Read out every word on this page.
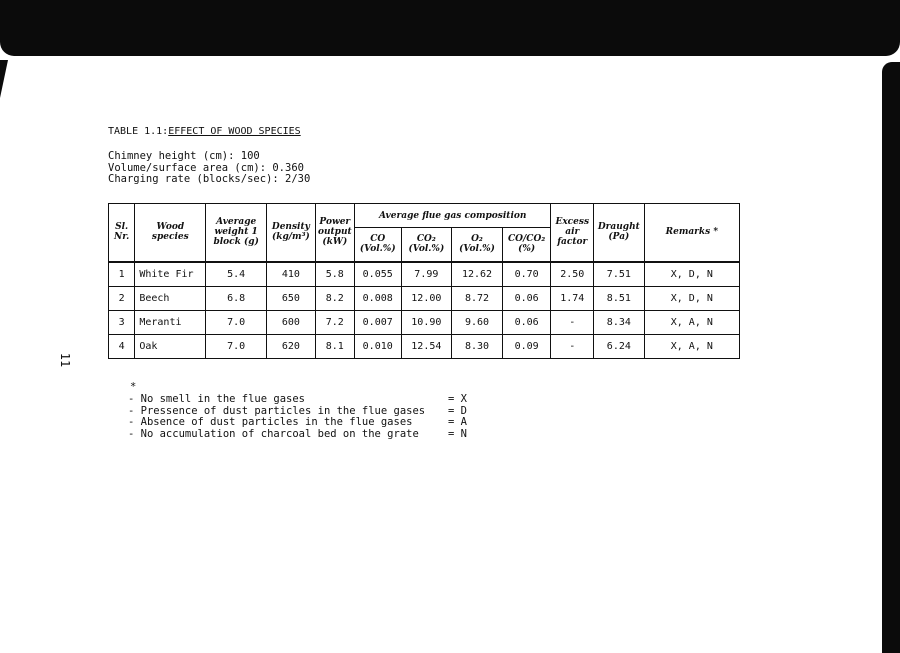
11
TABLE 1.1:EFFECT OF WOOD SPECIES
Chimney height (cm): 100
Volume/surface area (cm): 0.360
Charging rate (blocks/sec): 2/30
Sl. Nr.	Wood species	Average weight 1 block (g)	Density (kg/m³)	Power output (kW)	Average flue gas composition				Excess air factor	Draught (Pa)	Remarks *
					CO (Vol.%)	CO₂ (Vol.%)	O₂ (Vol.%)	CO/CO₂ (%)			
1	White Fir	5.4	410	5.8	0.055	7.99	12.62	0.70	2.50	7.51	X, D, N
2	Beech	6.8	650	8.2	0.008	12.00	8.72	0.06	1.74	8.51	X, D, N
3	Meranti	7.0	600	7.2	0.007	10.90	9.60	0.06	-	8.34	X, A, N
4	Oak	7.0	620	8.1	0.010	12.54	8.30	0.09	-	6.24	X, A, N
*
- No smell in the flue gases	= X
- Pressence of dust particles in the flue gases	= D
- Absence of dust particles in the flue gases	= A
- No accumulation of charcoal bed on the grate	= N
